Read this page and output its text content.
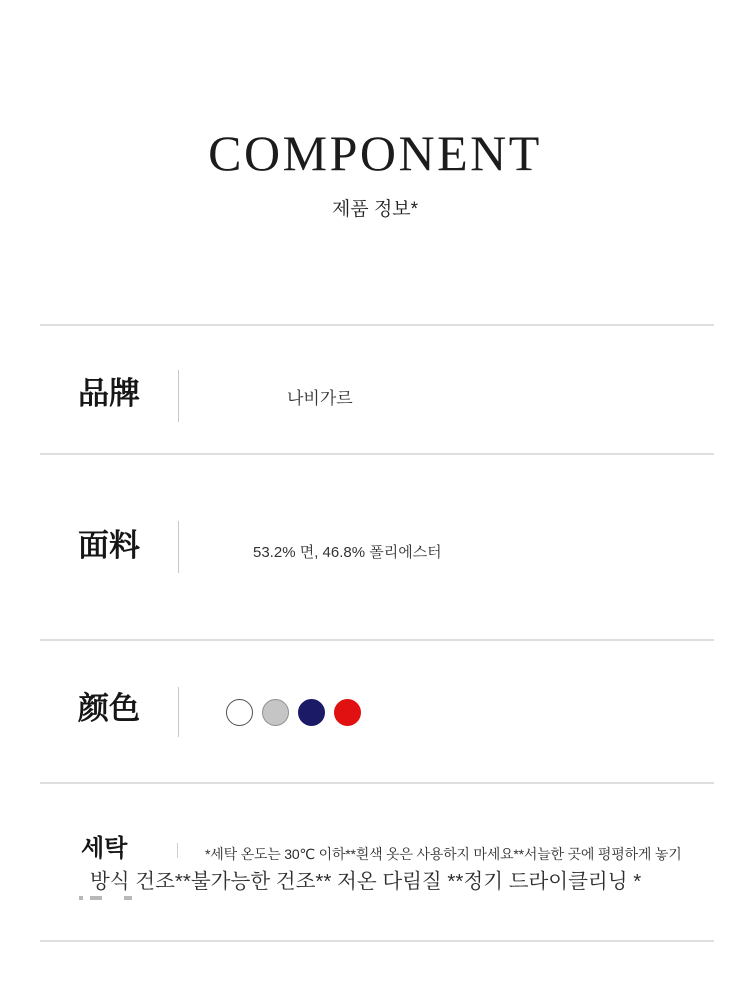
COMPONENT
제품 정보*
品牌	나비가르
面料	53.2% 면, 46.8% 폴리에스터
颜色
세탁	*세탁 온도는 30℃ 이하**흰색 옷은 사용하지 마세요**서늘한 곳에 평평하게 놓기
방식 건조**불가능한 건조** 저온 다림질 **정기 드라이클리닝 *
